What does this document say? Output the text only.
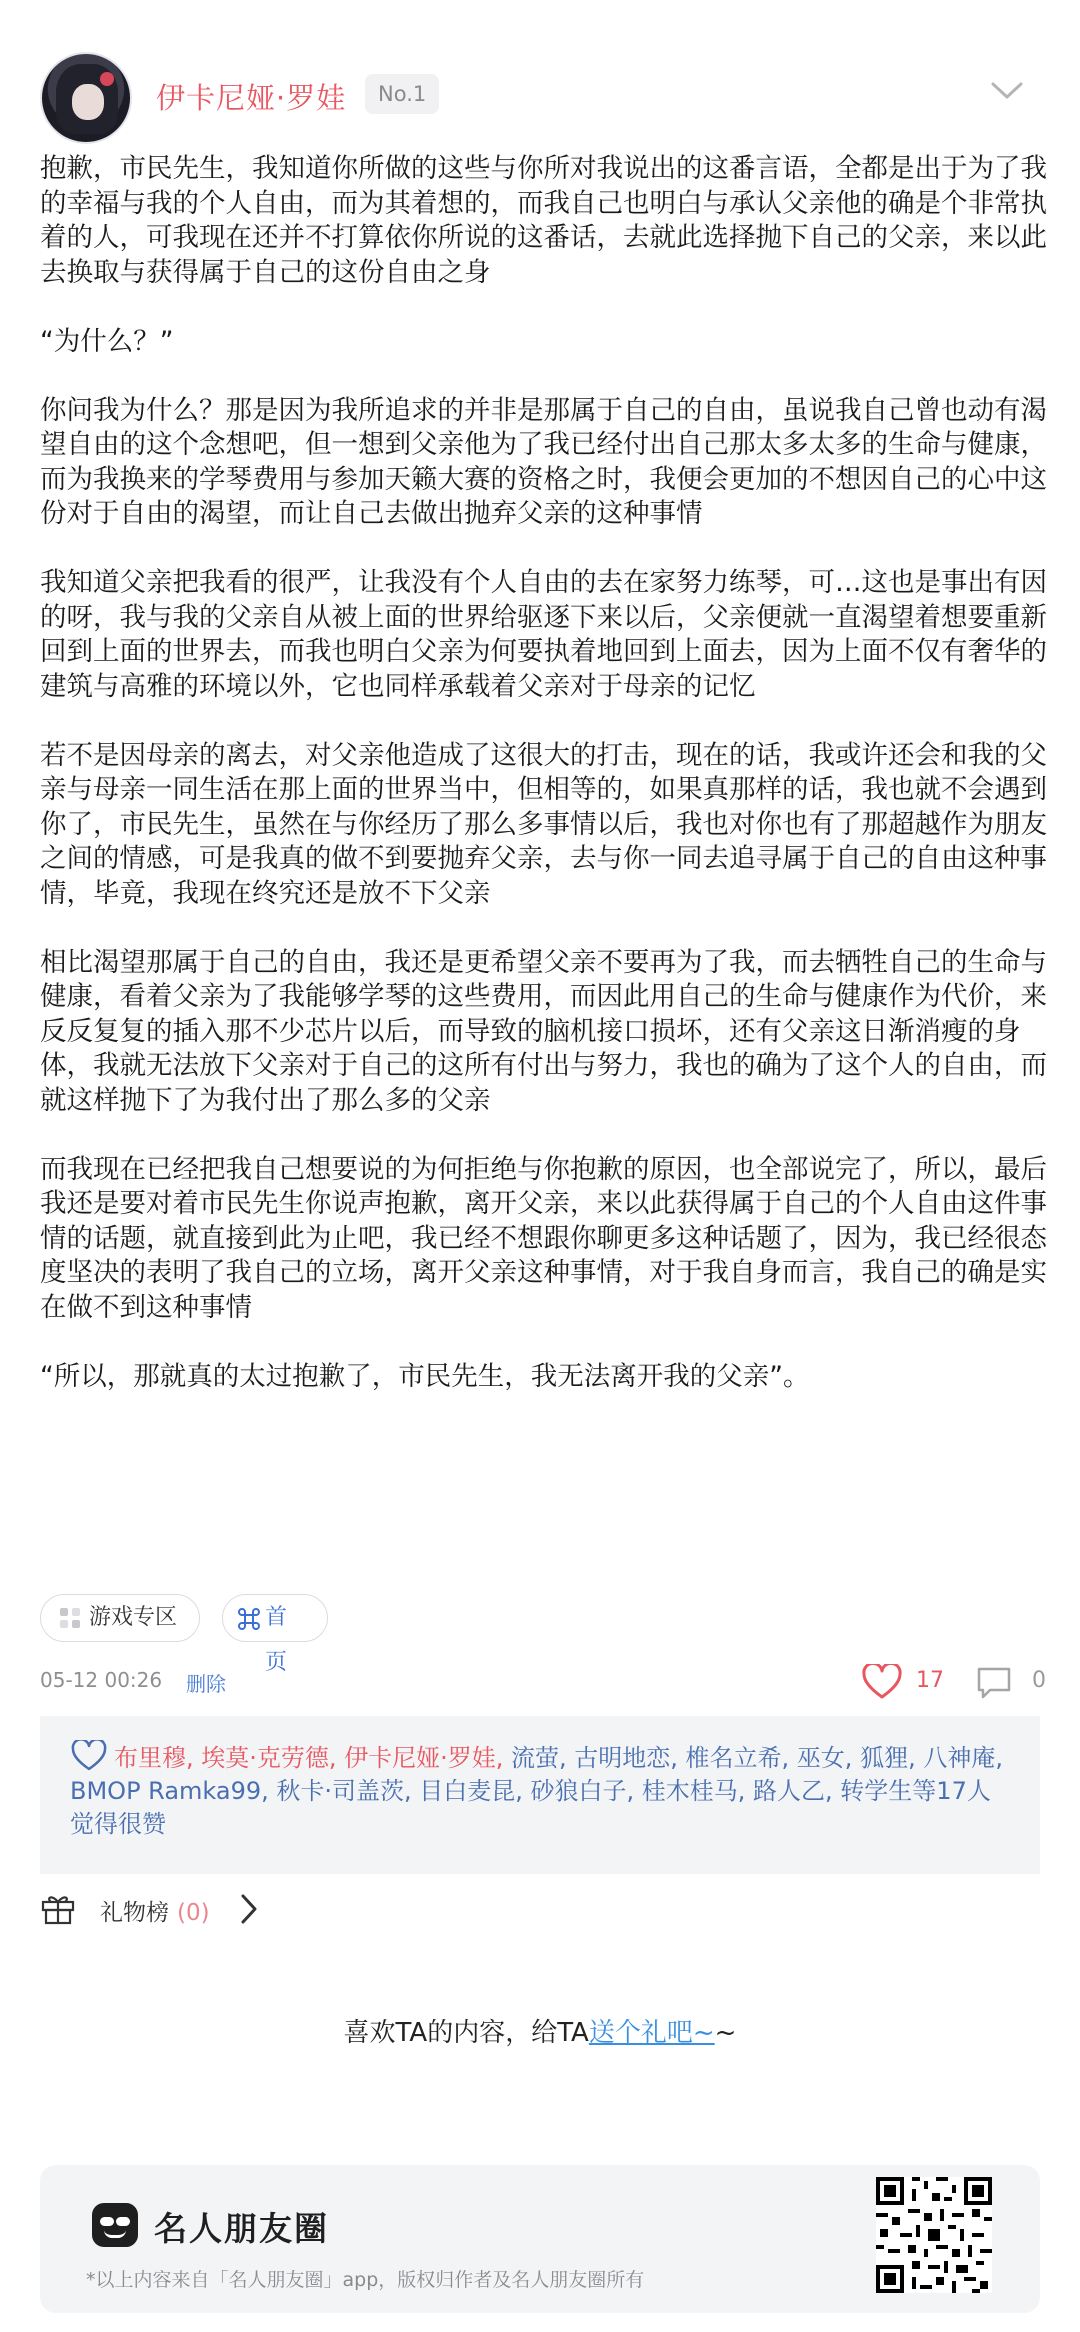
伊卡尼娅·罗娃	No.1

抱歉，市民先生，我知道你所做的这些与你所对我说出的这番言语，全都是出于为了我的幸福与我的个人自由，而为其着想的，而我自己也明白与承认父亲他的确是个非常执着的人，可我现在还并不打算依你所说的这番话，去就此选择抛下自己的父亲，来以此去换取与获得属于自己的这份自由之身

“为什么？”

你问我为什么？那是因为我所追求的并非是那属于自己的自由，虽说我自己曾也动有渴望自由的这个念想吧，但一想到父亲他为了我已经付出自己那太多太多的生命与健康，而为我换来的学琴费用与参加天籁大赛的资格之时，我便会更加的不想因自己的心中这份对于自由的渴望，而让自己去做出抛弃父亲的这种事情

我知道父亲把我看的很严，让我没有个人自由的去在家努力练琴，可…这也是事出有因的呀，我与我的父亲自从被上面的世界给驱逐下来以后，父亲便就一直渴望着想要重新回到上面的世界去，而我也明白父亲为何要执着地回到上面去，因为上面不仅有奢华的建筑与高雅的环境以外，它也同样承载着父亲对于母亲的记忆

若不是因母亲的离去，对父亲他造成了这很大的打击，现在的话，我或许还会和我的父亲与母亲一同生活在那上面的世界当中，但相等的，如果真那样的话，我也就不会遇到你了，市民先生，虽然在与你经历了那么多事情以后，我也对你也有了那超越作为朋友之间的情感，可是我真的做不到要抛弃父亲，去与你一同去追寻属于自己的自由这种事情，毕竟，我现在终究还是放不下父亲

相比渴望那属于自己的自由，我还是更希望父亲不要再为了我，而去牺牲自己的生命与健康，看着父亲为了我能够学琴的这些费用，而因此用自己的生命与健康作为代价，来反反复复的插入那不少芯片以后，而导致的脑机接口损坏，还有父亲这日渐消瘦的身体，我就无法放下父亲对于自己的这所有付出与努力，我也的确为了这个人的自由，而就这样抛下了为我付出了那么多的父亲

而我现在已经把我自己想要说的为何拒绝与你抱歉的原因，也全部说完了，所以，最后我还是要对着市民先生你说声抱歉，离开父亲，来以此获得属于自己的个人自由这件事情的话题，就直接到此为止吧，我已经不想跟你聊更多这种话题了，因为，我已经很态度坚决的表明了我自己的立场，离开父亲这种事情，对于我自身而言，我自己的确是实在做不到这种事情

“所以，那就真的太过抱歉了，市民先生，我无法离开我的父亲”。

游戏专区	首页
05-12 00:26 删除	17	0
布里穆, 埃莫·克劳德, 伊卡尼娅·罗娃, 流萤, 古明地恋, 椎名立希, 巫女, 狐狸, 八神庵, BMOP Ramka99, 秋卡·司盖茨, 目白麦昆, 砂狼白子, 桂木桂马, 路人乙, 转学生等17人觉得很赞
礼物榜 (0)
喜欢TA的内容，给TA送个礼吧~~
名人朋友圈
*以上内容来自「名人朋友圈」app，版权归作者及名人朋友圈所有
